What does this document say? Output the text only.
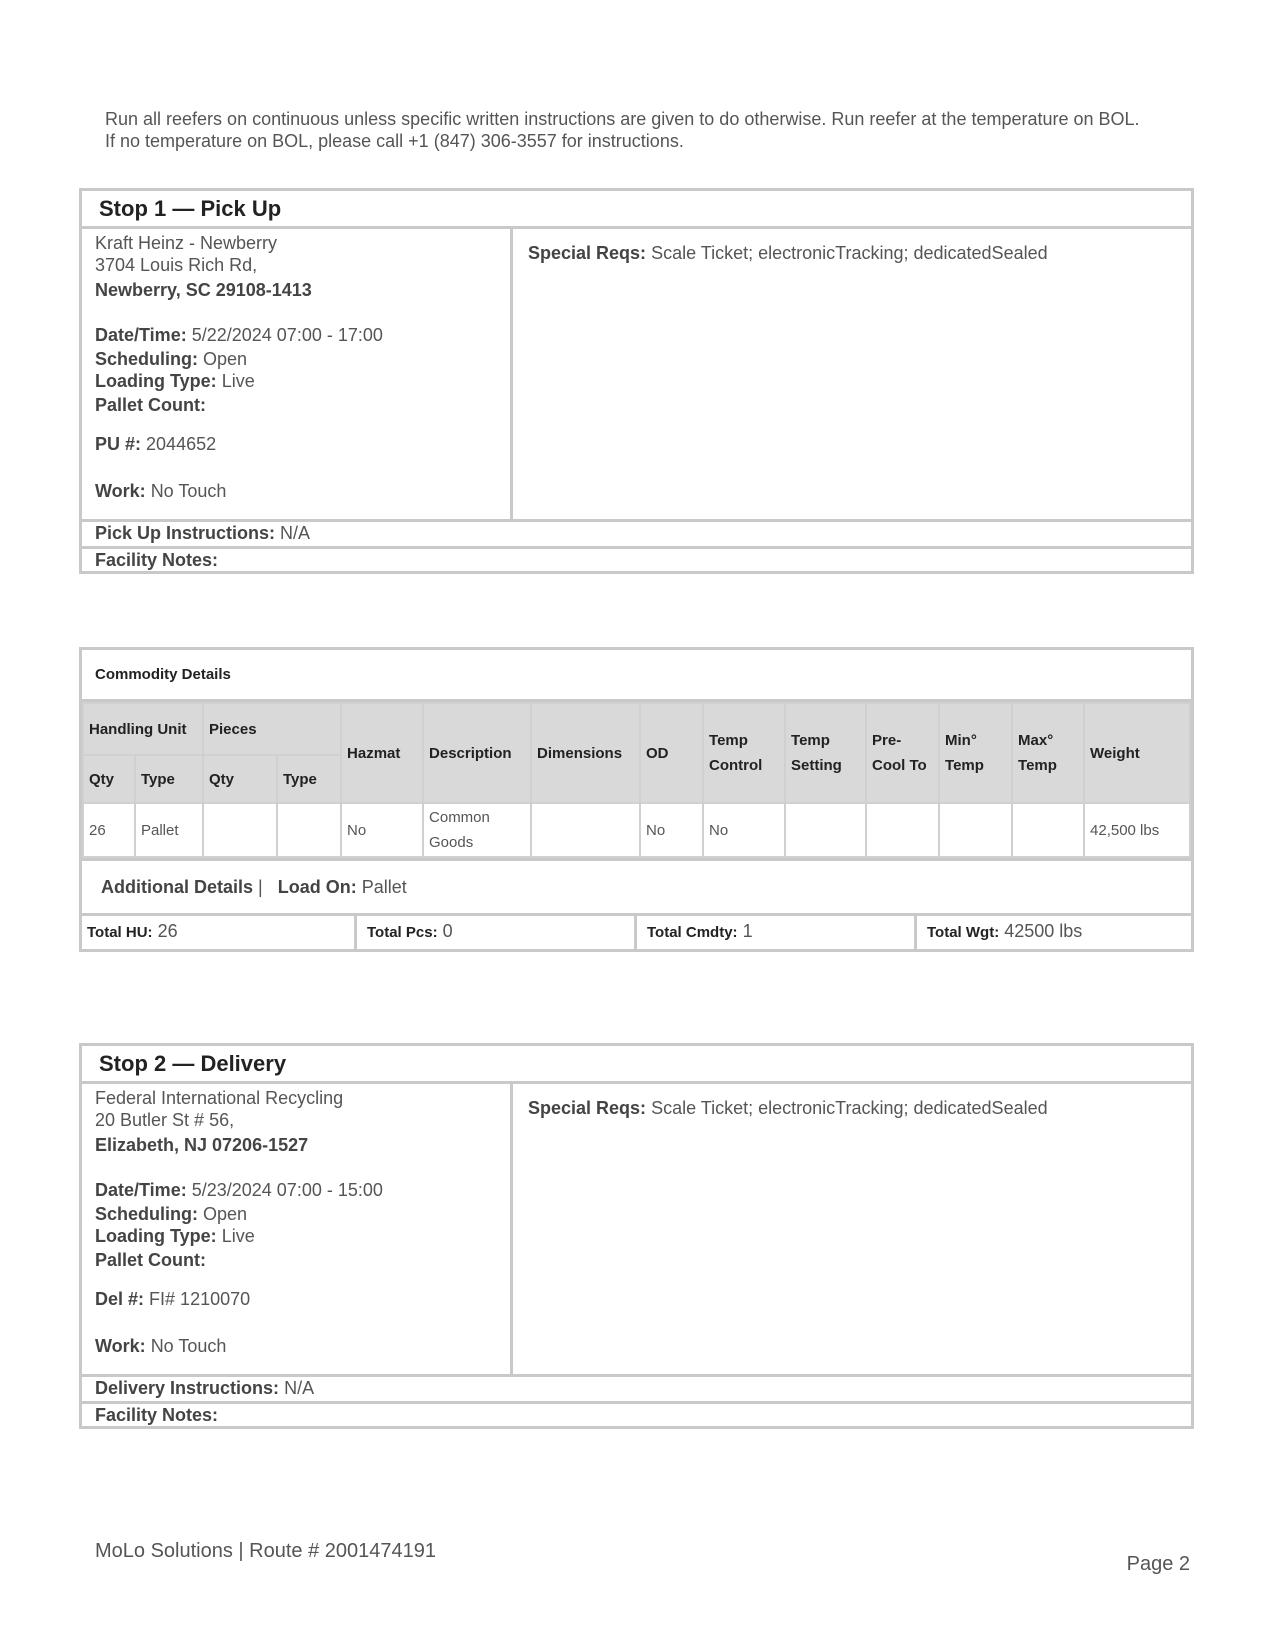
Run all reefers on continuous unless specific written instructions are given to do otherwise. Run reefer at the temperature on BOL.
If no temperature on BOL, please call +1 (847) 306-3557 for instructions.
Stop 1 — Pick Up
Kraft Heinz - Newberry
3704 Louis Rich Rd,
Newberry, SC 29108-1413
Date/Time: 5/22/2024 07:00 - 17:00
Scheduling: Open
Loading Type: Live
Pallet Count:
PU #: 2044652
Work: No Touch
Special Reqs: Scale Ticket; electronicTracking; dedicatedSealed
Pick Up Instructions: N/A
Facility Notes:
Commodity Details
Handling Unit		Pieces		Hazmat	Description	Dimensions	OD	Temp Control	Temp Setting	Pre-Cool To	Min° Temp	Max° Temp	Weight
Qty	Type	Qty	Type										
26	Pallet			No	Common Goods		No	No					42,500 lbs
Additional Details |   Load On: Pallet
Total HU: 26	Total Pcs: 0	Total Cmdty: 1	Total Wgt: 42500 lbs
Stop 2 — Delivery
Federal International Recycling
20 Butler St # 56,
Elizabeth, NJ 07206-1527
Date/Time: 5/23/2024 07:00 - 15:00
Scheduling: Open
Loading Type: Live
Pallet Count:
Del #: FI# 1210070
Work: No Touch
Special Reqs: Scale Ticket; electronicTracking; dedicatedSealed
Delivery Instructions: N/A
Facility Notes:
MoLo Solutions | Route # 2001474191
Page 2
